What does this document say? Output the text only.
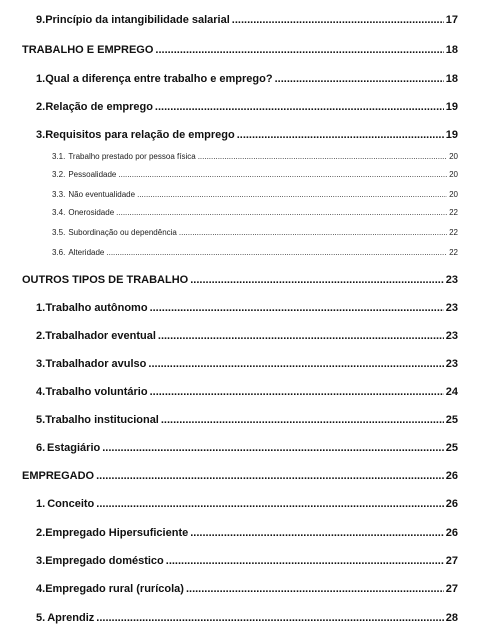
9. Princípio da intangibilidade salarial .....	17
TRABALHO E EMPREGO .....	18
1. Qual a diferença entre trabalho e emprego? .....	18
2. Relação de emprego .....	19
3. Requisitos para relação de emprego .....	19
3.1. Trabalho prestado por pessoa física .....	20
3.2. Pessoalidade .....	20
3.3. Não eventualidade .....	20
3.4. Onerosidade .....	22
3.5. Subordinação ou dependência .....	22
3.6. Alteridade .....	22
OUTROS TIPOS DE TRABALHO .....	23
1. Trabalho autônomo .....	23
2. Trabalhador eventual .....	23
3. Trabalhador avulso .....	23
4. Trabalho voluntário .....	24
5. Trabalho institucional .....	25
6. Estagiário .....	25
EMPREGADO .....	26
1. Conceito .....	26
2. Empregado Hipersuficiente .....	26
3. Empregado doméstico .....	27
4. Empregado rural (rurícola) .....	27
5. Aprendiz .....	28
